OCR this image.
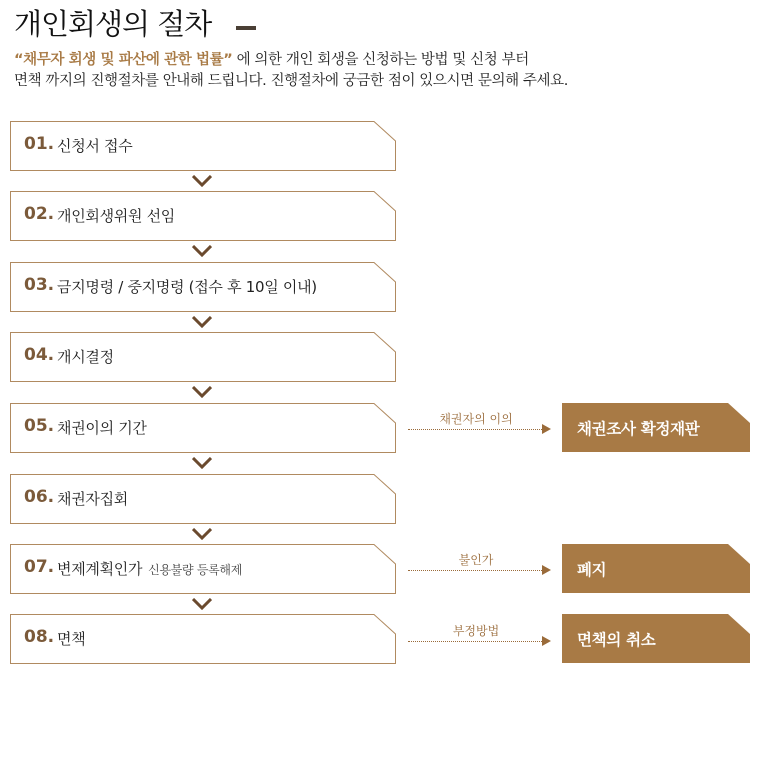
개인회생의 절차
“채무자 회생 및 파산에 관한 법률” 에 의한 개인 회생을 신청하는 방법 및 신청 부터
면책 까지의 진행절차를 안내해 드립니다. 진행절차에 궁금한 점이 있으시면 문의해 주세요.
01. 신청서 접수
02. 개인회생위원 선임
03. 금지명령 / 중지명령 (접수 후 10일 이내)
04. 개시결정
05. 채권이의 기간
06. 채권자집회
07. 변제계획인가 신용불량 등록해제
08. 면책
채권자의 이의
불인가
부정방법
채권조사 확정재판
폐지
면책의 취소
